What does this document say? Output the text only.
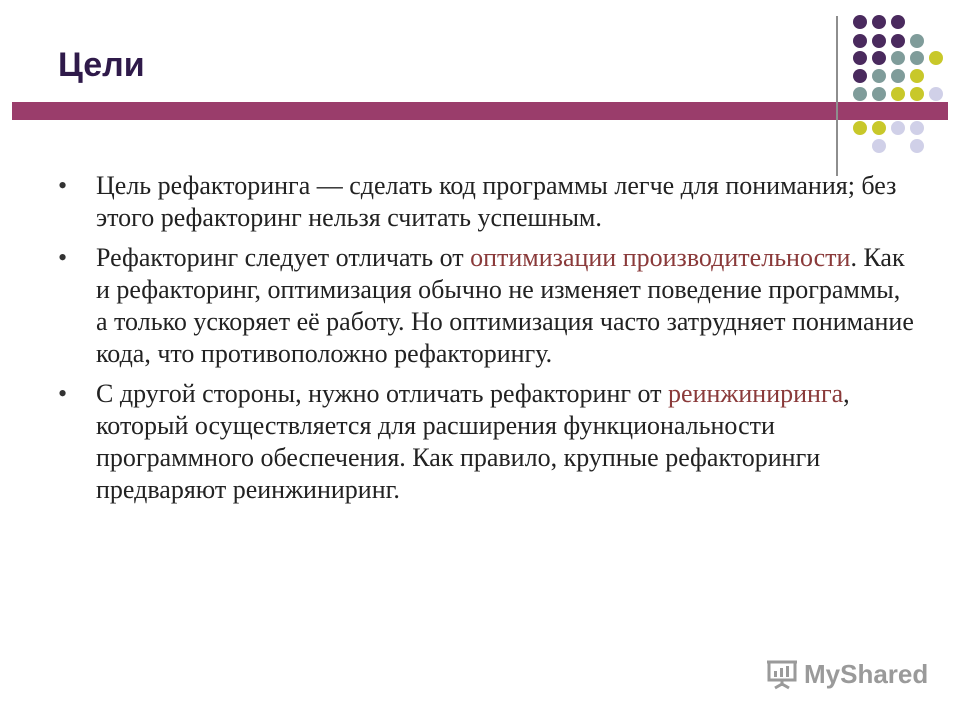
Цели
• Цель рефакторинга — сделать код программы легче для понимания; без этого рефакторинг нельзя считать успешным.
• Рефакторинг следует отличать от оптимизации производительности. Как и рефакторинг, оптимизация обычно не изменяет поведение программы, а только ускоряет её работу. Но оптимизация часто затрудняет понимание кода, что противоположно рефакторингу.
• С другой стороны, нужно отличать рефакторинг от реинжиниринга, который осуществляется для расширения функциональности программного обеспечения. Как правило, крупные рефакторинги предваряют реинжиниринг.
MyShared
